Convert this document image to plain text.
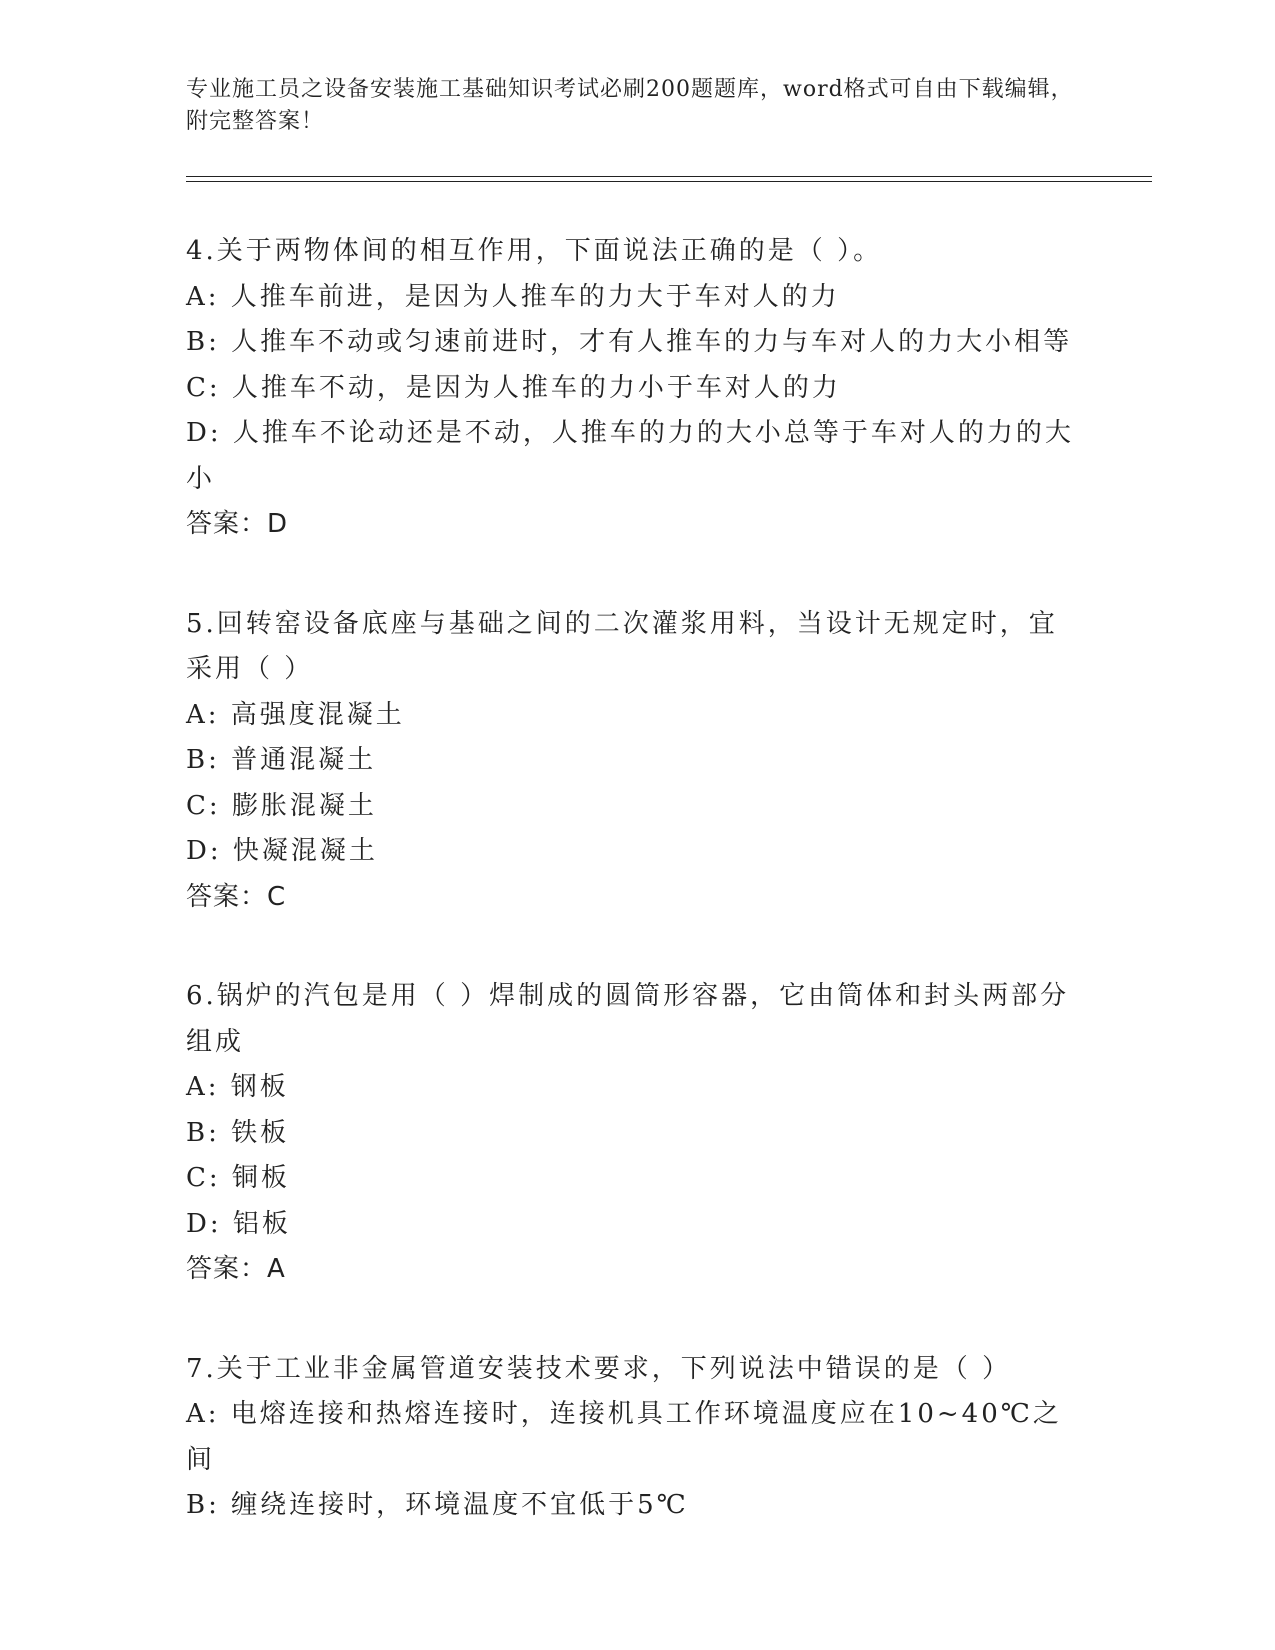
专业施工员之设备安装施工基础知识考试必刷200题题库，word格式可自由下载编辑，附完整答案！
4.关于两物体间的相互作用，下面说法正确的是（ ）。
A: 人推车前进，是因为人推车的力大于车对人的力
B: 人推车不动或匀速前进时，才有人推车的力与车对人的力大小相等
C: 人推车不动，是因为人推车的力小于车对人的力
D: 人推车不论动还是不动，人推车的力的大小总等于车对人的力的大小
答案：D
5.回转窑设备底座与基础之间的二次灌浆用料，当设计无规定时，宜采用（ ）
A: 高强度混凝土
B: 普通混凝土
C: 膨胀混凝土
D: 快凝混凝土
答案：C
6.锅炉的汽包是用（ ）焊制成的圆筒形容器，它由筒体和封头两部分组成
A: 钢板
B: 铁板
C: 铜板
D: 铝板
答案：A
7.关于工业非金属管道安装技术要求，下列说法中错误的是（ ）
A: 电熔连接和热熔连接时，连接机具工作环境温度应在10~40℃之间
B: 缠绕连接时，环境温度不宜低于5℃
